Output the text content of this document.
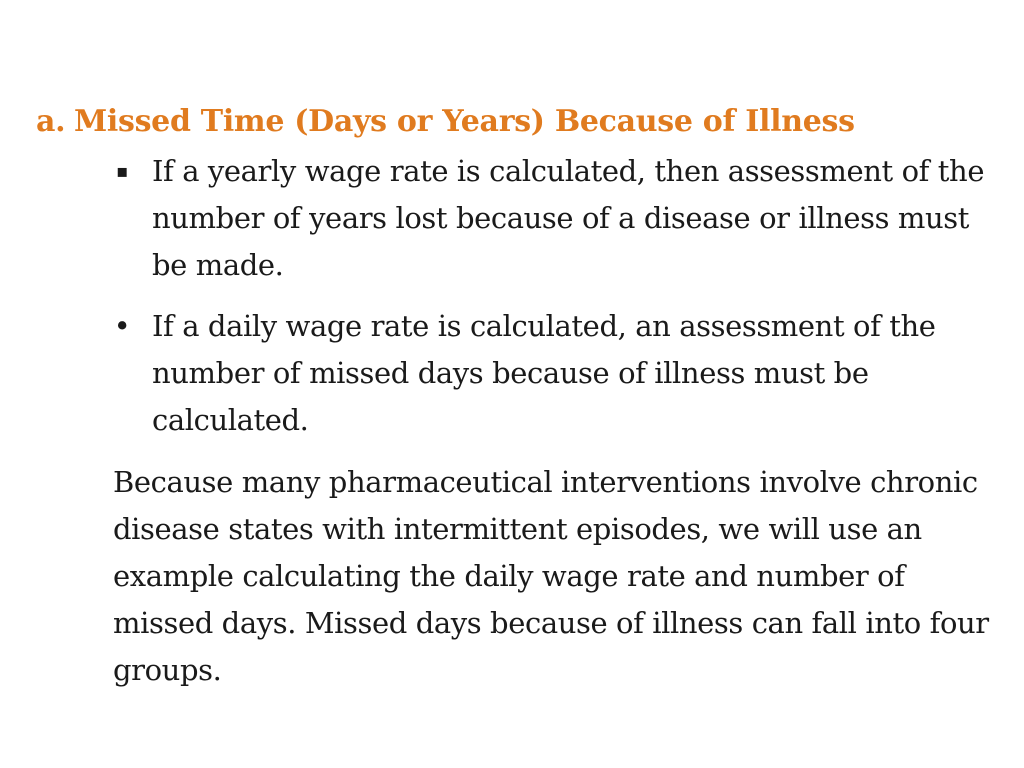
a. Missed Time (Days or Years) Because of Illness
▪ If a yearly wage rate is calculated, then assessment of the number of years lost because of a disease or illness must be made.
• If a daily wage rate is calculated, an assessment of the number of missed days because of illness must be calculated.
Because many pharmaceutical interventions involve chronic disease states with intermittent episodes, we will use an example calculating the daily wage rate and number of missed days. Missed days because of illness can fall into four groups.
